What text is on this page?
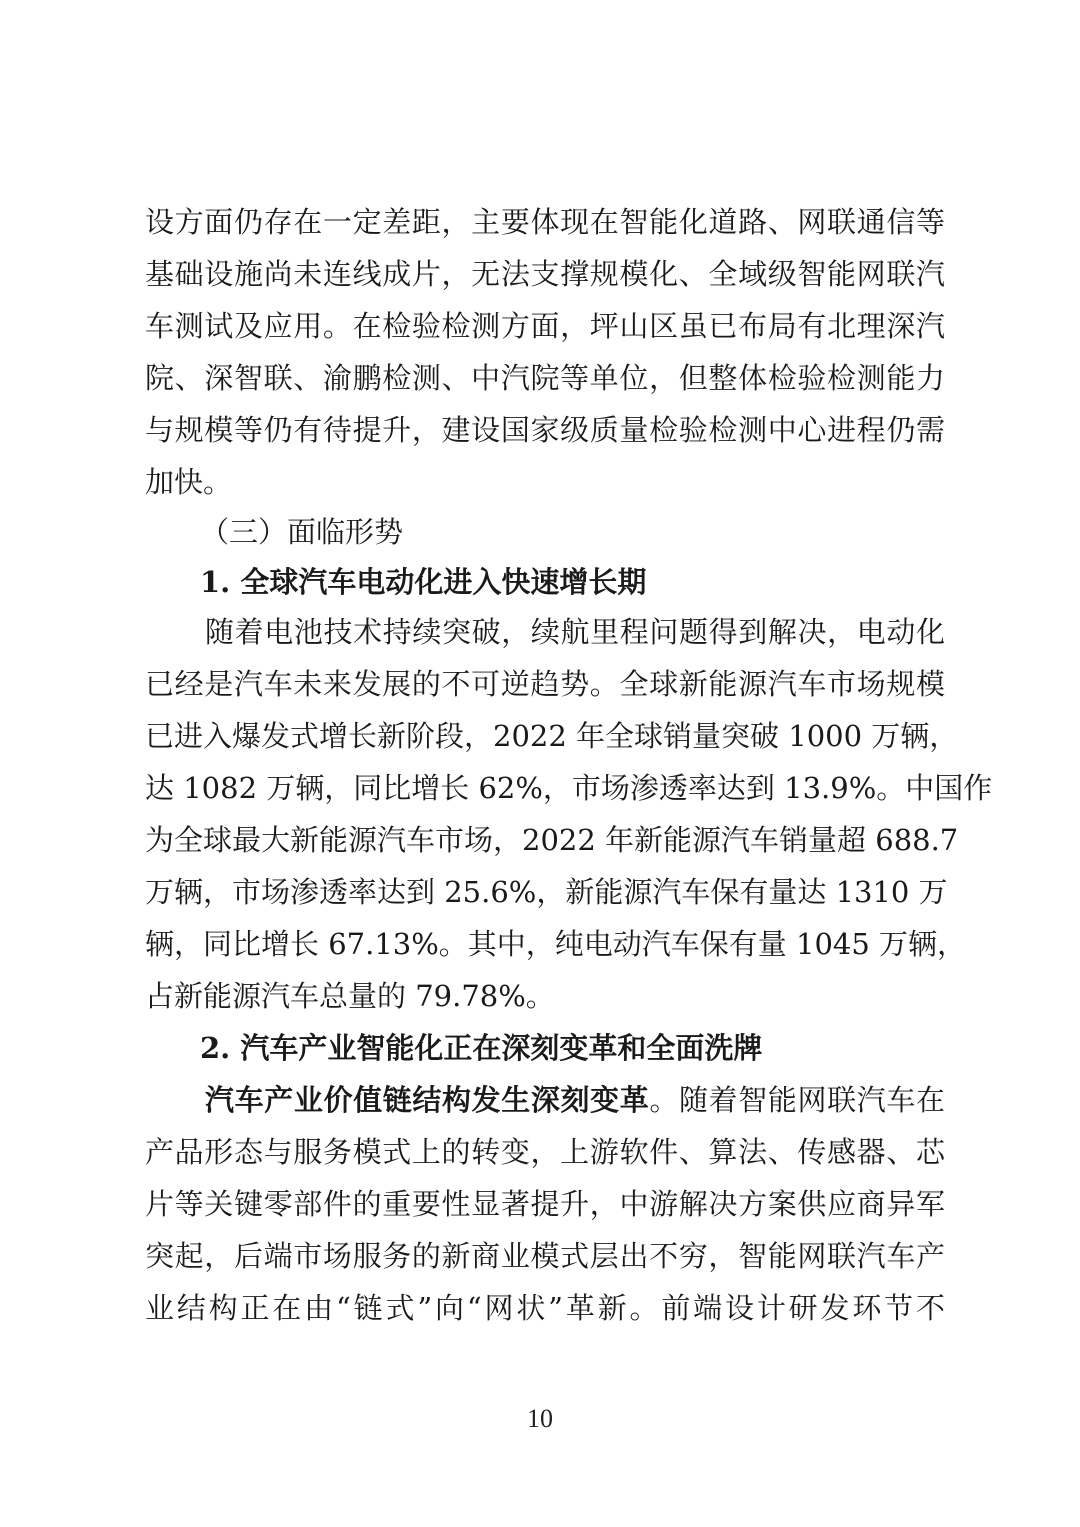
设方面仍存在一定差距，主要体现在智能化道路、网联通信等
基础设施尚未连线成片，无法支撑规模化、全域级智能网联汽
车测试及应用。在检验检测方面，坪山区虽已布局有北理深汽
院、深智联、渝鹏检测、中汽院等单位，但整体检验检测能力
与规模等仍有待提升，建设国家级质量检验检测中心进程仍需
加快。
（三）面临形势
1. 全球汽车电动化进入快速增长期
随着电池技术持续突破，续航里程问题得到解决，电动化
已经是汽车未来发展的不可逆趋势。全球新能源汽车市场规模
已进入爆发式增长新阶段，2022 年全球销量突破 1000 万辆，
达 1082 万辆，同比增长 62%，市场渗透率达到 13.9%。中国作
为全球最大新能源汽车市场，2022 年新能源汽车销量超 688.7
万辆，市场渗透率达到 25.6%，新能源汽车保有量达 1310 万
辆，同比增长 67.13%。其中，纯电动汽车保有量 1045 万辆，
占新能源汽车总量的 79.78%。
2. 汽车产业智能化正在深刻变革和全面洗牌
汽车产业价值链结构发生深刻变革。随着智能网联汽车在
产品形态与服务模式上的转变，上游软件、算法、传感器、芯
片等关键零部件的重要性显著提升，中游解决方案供应商异军
突起，后端市场服务的新商业模式层出不穷，智能网联汽车产
业结构正在由“链式”向“网状”革新。前端设计研发环节不
10
